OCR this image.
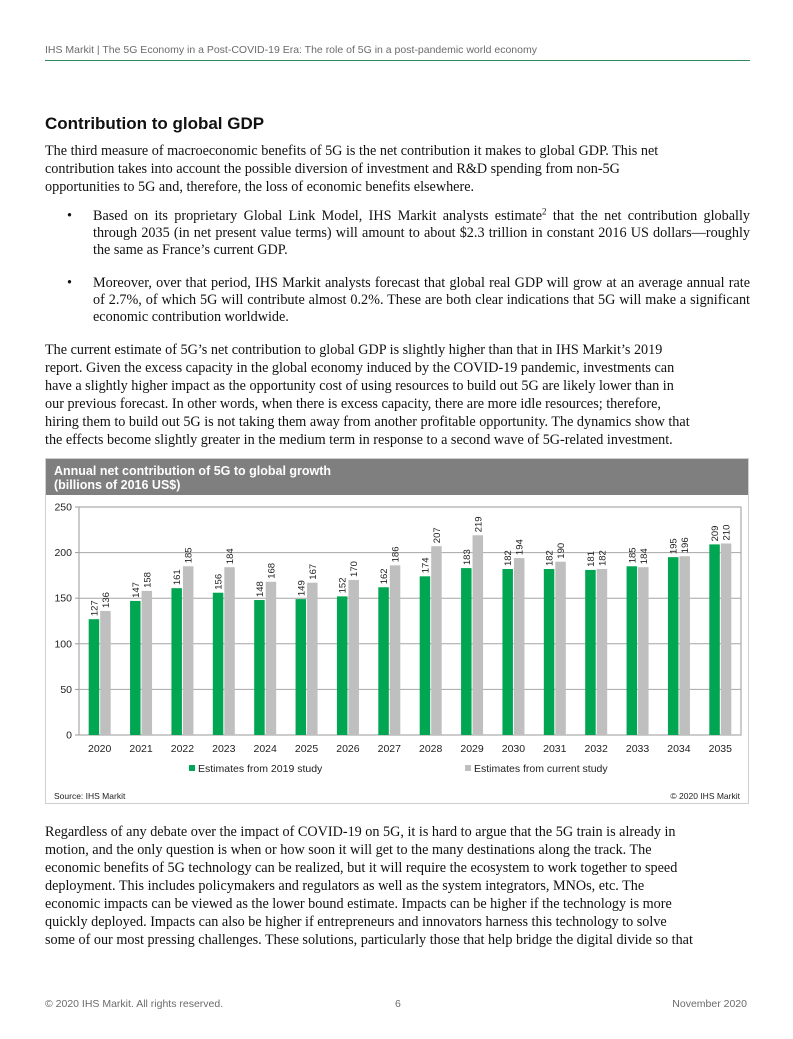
IHS Markit | The 5G Economy in a Post-COVID-19 Era: The role of 5G in a post-pandemic world economy
Contribution to global GDP

The third measure of macroeconomic benefits of 5G is the net contribution it makes to global GDP. This net

contribution takes into account the possible diversion of investment and R&D spending from non-5G

opportunities to 5G and, therefore, the loss of economic benefits elsewhere.

• Based on its proprietary Global Link Model, IHS Markit analysts estimate$^2$ that the net contribution globally through 2035 (in net present value terms) will amount to about $2.3 trillion in constant 2016 US dollars—roughly the same as France’s current GDP.
• Moreover, over that period, IHS Markit analysts forecast that global real GDP will grow at an average annual rate of 2.7%, of which 5G will contribute almost 0.2%. These are both clear indications that 5G will make a significant economic contribution worldwide.

The current estimate of 5G’s net contribution to global GDP is slightly higher than that in IHS Markit’s 2019

report. Given the excess capacity in the global economy induced by the COVID-19 pandemic, investments can

have a slightly higher impact as the opportunity cost of using resources to build out 5G are likely lower than in

our previous forecast. In other words, when there is excess capacity, there are more idle resources; therefore,

hiring them to build out 5G is not taking them away from another profitable opportunity. The dynamics show that

the effects become slightly greater in the medium term in response to a second wave of 5G-related investment.

Annual net contribution of 5G to global growth
(billions of 2016 US$)

0
50
100
150
200
250
2020
127
136
2021
147
158
2022
161
185
2023
156
184
2024
148
168
2025
149
167
2026
152
170
2027
162
186
2028
174
207
2029
183
219
2030
182
194
2031
182 190
2032
181 182
2033
185 184
2034
195 196
2035
209 210
Estimates from 2019 study	Estimates from current study
Source: IHS Markit	© 2020 IHS Markit

Regardless of any debate over the impact of COVID-19 on 5G, it is hard to argue that the 5G train is already in

motion, and the only question is when or how soon it will get to the many destinations along the track. The

economic benefits of 5G technology can be realized, but it will require the ecosystem to work together to speed

deployment. This includes policymakers and regulators as well as the system integrators, MNOs, etc. The

economic impacts can be viewed as the lower bound estimate. Impacts can be higher if the technology is more

quickly deployed. Impacts can also be higher if entrepreneurs and innovators harness this technology to solve

some of our most pressing challenges. These solutions, particularly those that help bridge the digital divide so that

© 2020 IHS Markit. All rights reserved.	6	November 2020
